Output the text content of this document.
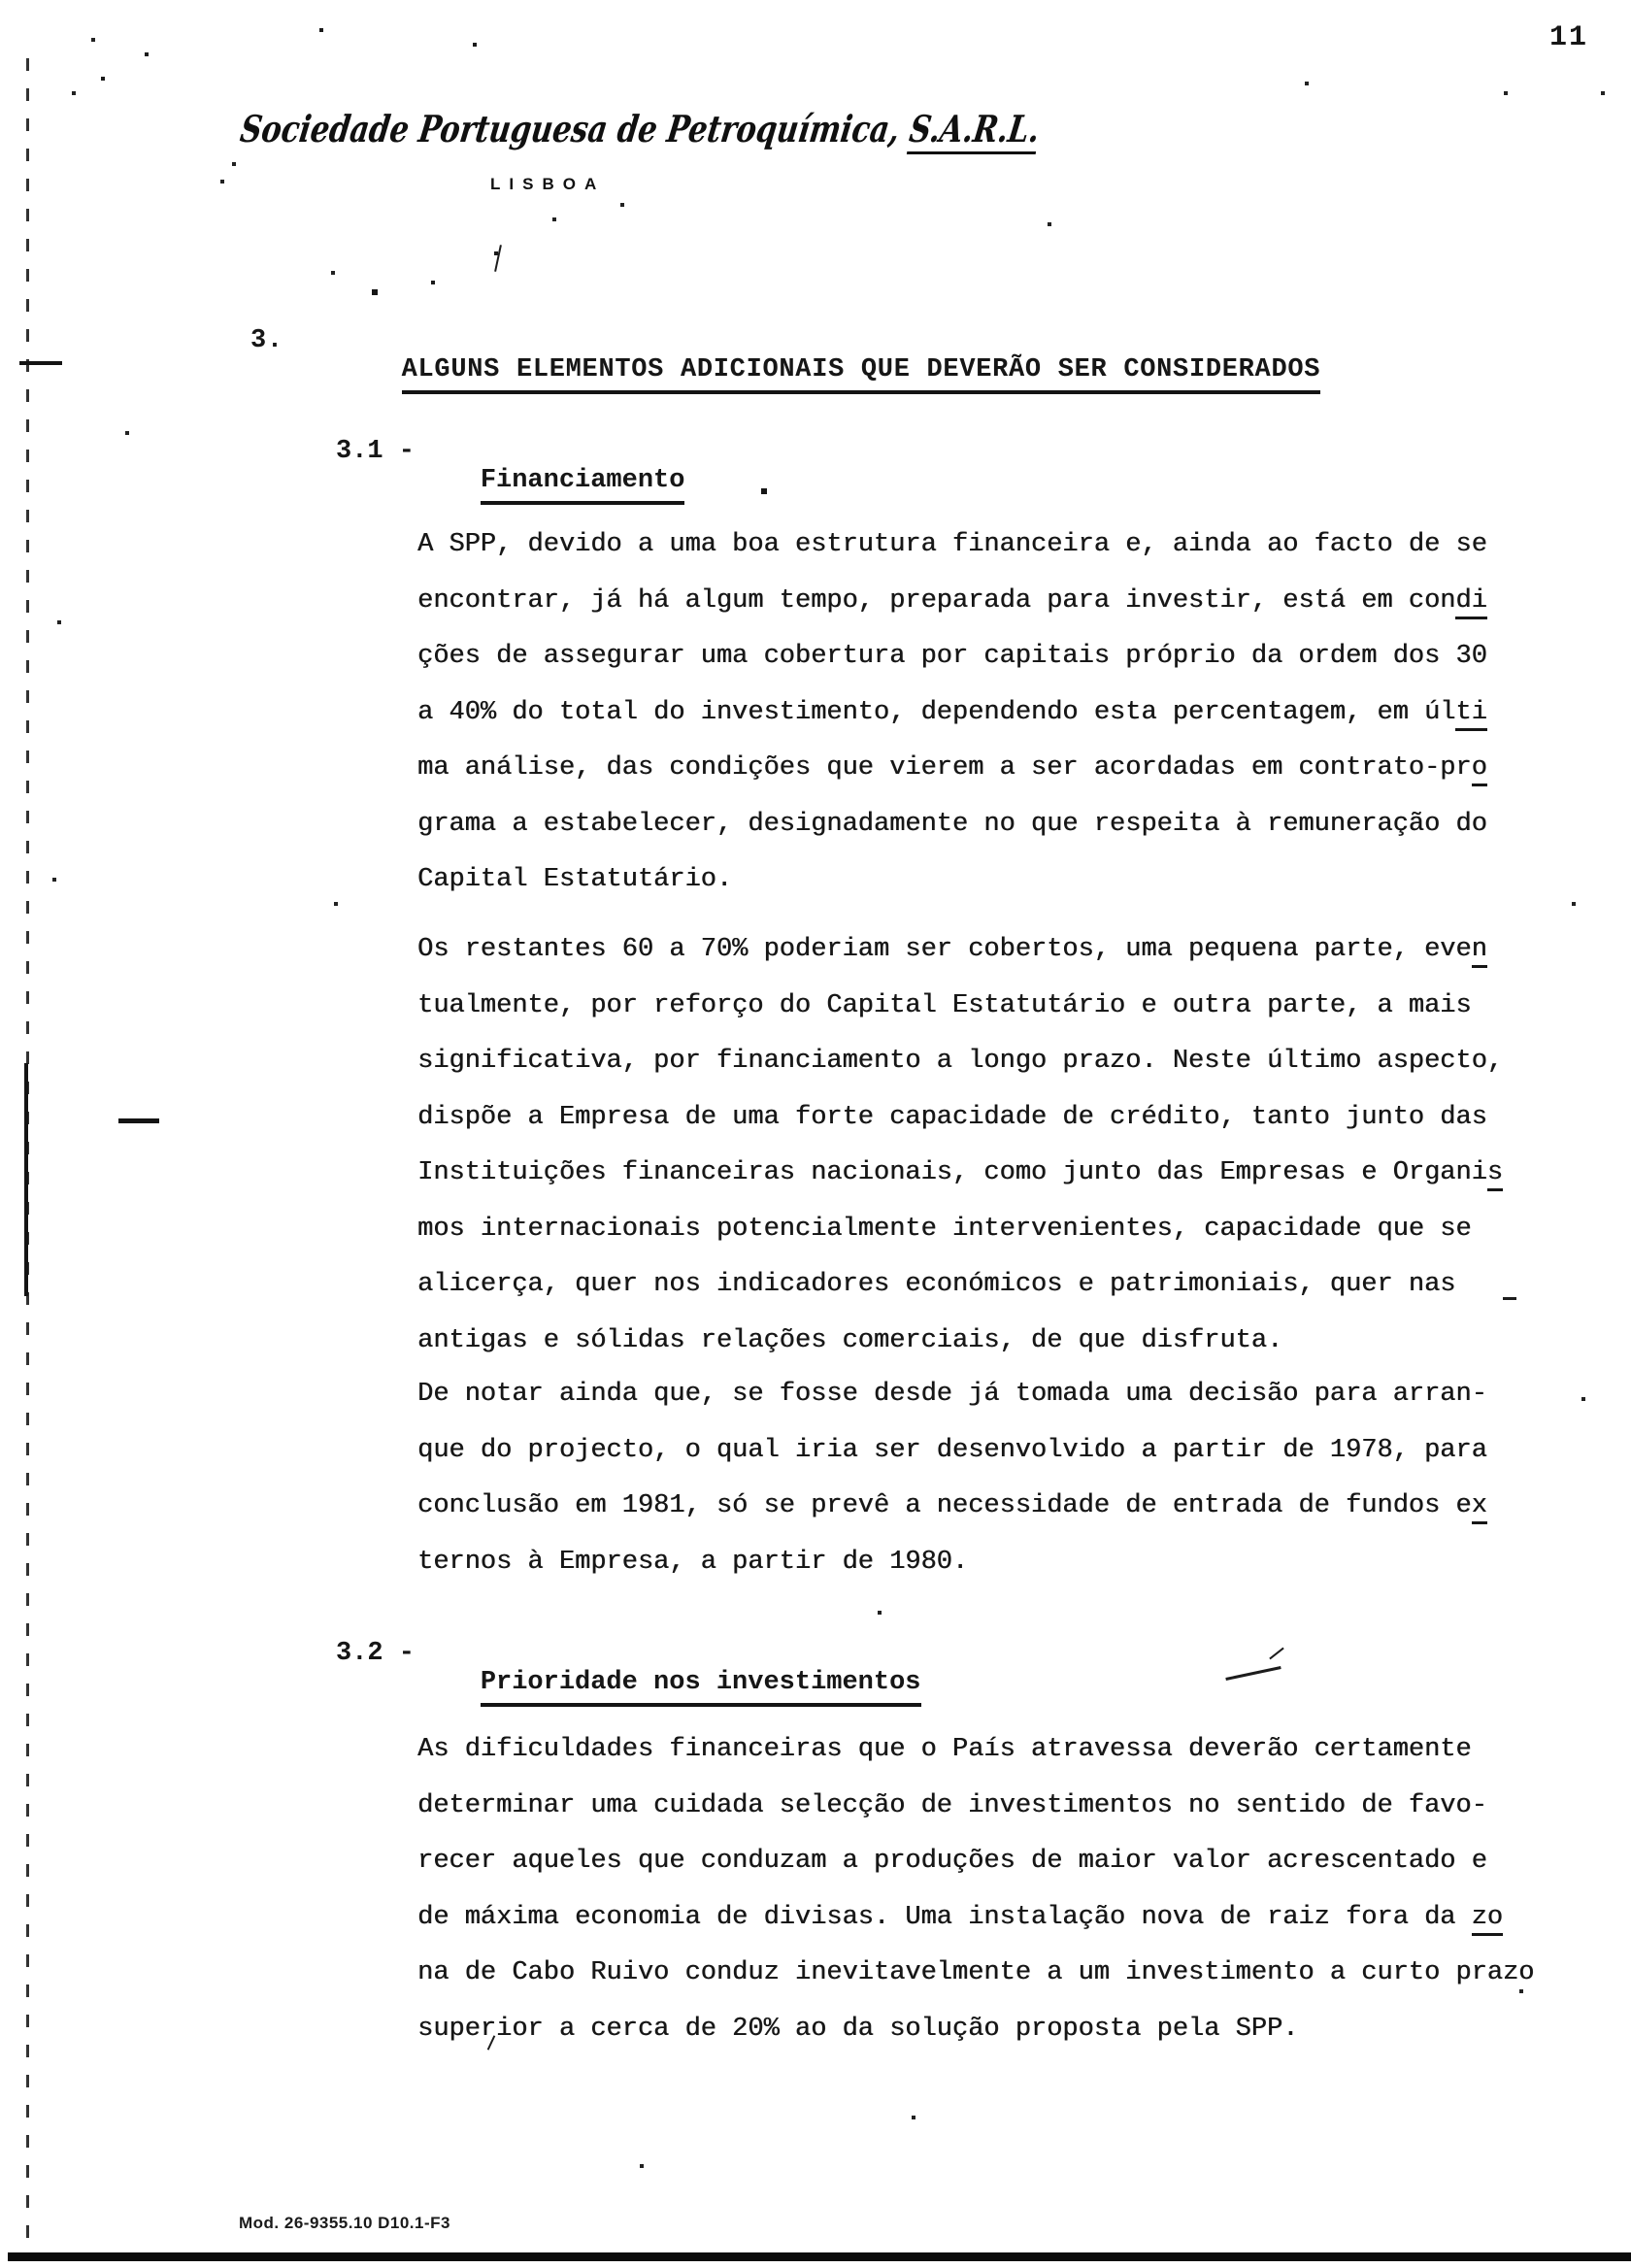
11
Sociedade Portuguesa de Petroquímica, S.A.R.L.
LISBOA

3.
ALGUNS ELEMENTOS ADICIONAIS QUE DEVERÃO SER CONSIDERADOS

3.1 -
Financiamento

A SPP, devido a uma boa estrutura financeira e, ainda ao facto de se
encontrar, já há algum tempo, preparada para investir, está em condi
ções de assegurar uma cobertura por capitais próprio da ordem dos 30
a 40% do total do investimento, dependendo esta percentagem, em últi
ma análise, das condições que vierem a ser acordadas em contrato-pro
grama a estabelecer, designadamente no que respeita à remuneração do
Capital Estatutário.
Os restantes 60 a 70% poderiam ser cobertos, uma pequena parte, even
tualmente, por reforço do Capital Estatutário e outra parte, a mais
significativa, por financiamento a longo prazo. Neste último aspecto,
dispõe a Empresa de uma forte capacidade de crédito, tanto junto das
Instituições financeiras nacionais, como junto das Empresas e Organis
mos internacionais potencialmente intervenientes, capacidade que se
alicerça, quer nos indicadores económicos e patrimoniais, quer nas
antigas e sólidas relações comerciais, de que disfruta.
De notar ainda que, se fosse desde já tomada uma decisão para arran-
que do projecto, o qual iria ser desenvolvido a partir de 1978, para
conclusão em 1981, só se prevê a necessidade de entrada de fundos ex
ternos à Empresa, a partir de 1980.

3.2 -
Prioridade nos investimentos

As dificuldades financeiras que o País atravessa deverão certamente
determinar uma cuidada selecção de investimentos no sentido de favo-
recer aqueles que conduzam a produções de maior valor acrescentado e
de máxima economia de divisas. Uma instalação nova de raiz fora da zo
na de Cabo Ruivo conduz inevitavelmente a um investimento a curto prazo
superior a cerca de 20% ao da solução proposta pela SPP.
Mod. 26-9355.10 D10.1-F3
